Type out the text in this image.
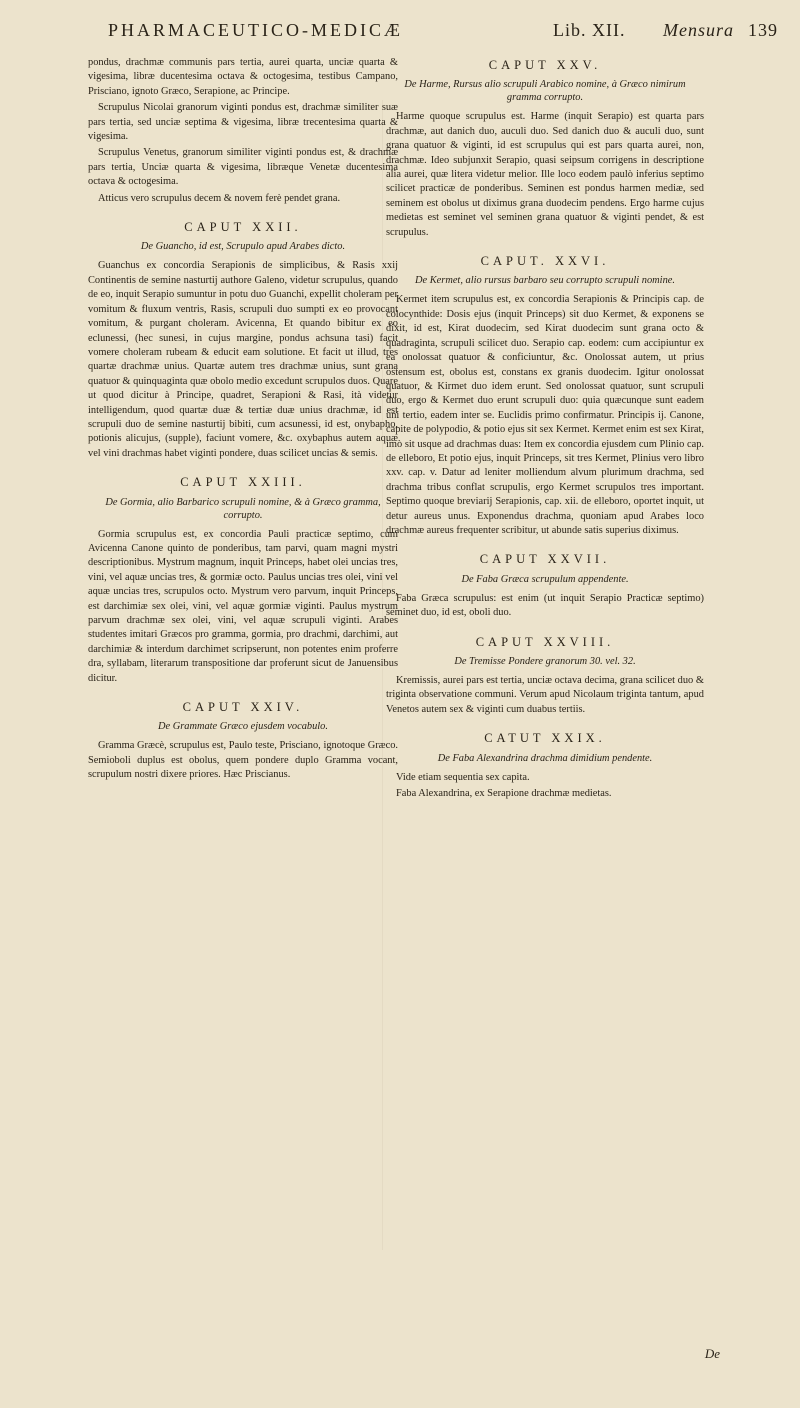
PHARMACEUTICO-MEDICÆ	Lib. XII. Mensura 139

pondus, drachmæ communis pars tertia, aurei quarta, unciæ quarta & vigesima, libræ ducentesima octava & octogesima, testibus Campano, Prisciano, ignoto Græco, Serapione, ac Principe.

Scrupulus Nicolai granorum viginti pondus est, drachmæ similiter suæ pars tertia, sed unciæ septima & vigesima, libræ trecentesima quarta & vigesima.

Scrupulus Venetus, granorum similiter viginti pondus est, & drachmæ pars tertia, Unciæ quarta & vigesima, libræque Venetæ ducentesima octava & octogesima.

Atticus vero scrupulus decem & novem ferè pendet grana.

CAPUT XXII.
De Guancho, id est, Scrupulo apud Arabes dicto.

Guanchus ex concordia Serapionis de simplicibus, & Rasis xxij Continentis de semine nasturtij authore Galeno, videtur scrupulus, quando de eo, inquit Serapio sumuntur in potu duo Guanchi, expellit choleram per vomitum & fluxum ventris, Rasis, scrupuli duo sumpti ex eo provocant vomitum, & purgant choleram. Avicenna, Et quando bibitur ex eo eclunessi, (hec sunesi, in cujus margine, pondus achsuna tasi) facit vomere choleram rubeam & educit eam solutione. Et facit ut illud, tres quartæ drachmæ unius. Quartæ autem tres drachmæ unius, sunt grana quatuor & quinquaginta quæ obolo medio excedunt scrupulos duos. Quare ut quod dicitur à Principe, quadret, Serapioni & Rasi, ità videtur intelligendum, quod quartæ duæ & tertiæ duæ unius drachmæ, id est scrupuli duo de semine nasturtij bibiti, cum acsunessi, id est, onybapho, potionis alicujus, (supple), faciunt vomere, &c. oxybaphus autem aquæ vel vini drachmas habet viginti pondere, duas scilicet uncias & semis.

CAPUT XXIII.
De Gormia, alio Barbarico scrupuli nomine, & à Græco gramma, corrupto.

Gormia scrupulus est, ex concordia Pauli practicæ septimo, cum Avicenna Canone quinto de ponderibus, tam parvi, quam magni mystri descriptionibus. Mystrum magnum, inquit Princeps, habet olei uncias tres, vini, vel aquæ uncias tres, & gormiæ octo. Paulus uncias tres olei, vini vel aquæ uncias tres, scrupulos octo. Mystrum vero parvum, inquit Princeps, est darchimiæ sex olei, vini, vel aquæ gormiæ viginti. Paulus mystrum parvum drachmæ sex olei, vini, vel aquæ scrupuli viginti. Arabes studentes imitari Græcos pro gramma, gormia, pro drachmi, darchimi, aut darchimiæ & interdum darchimet scripserunt, non potentes enim proferre dra, syllabam, literarum transpositione dar proferunt sicut de Januensibus dicitur.

CAPUT XXIV.
De Grammate Græco ejusdem vocabulo.

Gramma Græcè, scrupulus est, Paulo teste, Prisciano, ignotoque Græco. Semioboli duplus est obolus, quem pondere duplo Gramma vocant, scrupulum nostri dixere priores. Hæc Priscianus.

CAPUT XXV.
De Harme, Rursus alio scrupuli Arabico nomine, à Græco nimirum gramma corrupto.

Harme quoque scrupulus est. Harme (inquit Serapio) est quarta pars drachmæ, aut danich duo, auculi duo. Sed danich duo & auculi duo, sunt grana quatuor & viginti, id est scrupulus qui est pars quarta aurei, non, drachmæ. Ideo subjunxit Serapio, quasi seipsum corrigens in descriptione alia aurei, quæ litera videtur melior. Ille loco eodem paulò inferius septimo scilicet practicæ de ponderibus. Seminen est pondus harmen mediæ, sed seminem est obolus ut diximus grana duodecim pendens. Ergo harme cujus medietas est seminet vel seminen grana quatuor & viginti pendet, & est scrupulus.

CAPUT. XXVI.
De Kermet, alio rursus barbaro seu corrupto scrupuli nomine.

Kermet item scrupulus est, ex concordia Serapionis & Principis cap. de colocynthide: Dosis ejus (inquit Princeps) sit duo Kermet, & exponens se dixit, id est, Kirat duodecim, sed Kirat duodecim sunt grana octo & quadraginta, scrupuli scilicet duo. Serapio cap. eodem: cum accipiuntur ex ea onolossat quatuor & conficiuntur, &c. Onolossat autem, ut prius ostensum est, obolus est, constans ex granis duodecim. Igitur onolossat quatuor, & Kirmet duo idem erunt. Sed onolossat quatuor, sunt scrupuli duo, ergo & Kermet duo erunt scrupuli duo: quia quæcunque sunt eadem uni tertio, eadem inter se. Euclidis primo confirmatur. Principis ij. Canone, capite de polypodio, & potio ejus sit sex Kermet. Kermet enim est sex Kirat, imò sit usque ad drachmas duas: Item ex concordia ejusdem cum Plinio cap. de elleboro, Et potio ejus, inquit Princeps, sit tres Kermet, Plinius vero libro xxv. cap. v. Datur ad leniter molliendum alvum plurimum drachma, sed drachma tribus conflat scrupulis, ergo Kermet scrupulos tres important. Septimo quoque breviarij Serapionis, cap. xii. de elleboro, oportet inquit, ut detur aureus unus. Exponendus drachma, quoniam apud Arabes loco drachmæ aureus frequenter scribitur, ut abunde satis superius diximus.

CAPUT XXVII.
De Faba Græca scrupulum appendente.

Faba Græca scrupulus: est enim (ut inquit Serapio Practicæ septimo) seminet duo, id est, oboli duo.

CAPUT XXVIII.
De Tremisse Pondere granorum 30. vel. 32.

Kremissis, aurei pars est tertia, unciæ octava decima, grana scilicet duo & triginta observatione communi. Verum apud Nicolaum triginta tantum, apud Venetos autem sex & viginti cum duabus tertiis.

CATUT XXIX.
De Faba Alexandrina drachma dimidium pendente.

Vide etiam sequentia sex capita.

Faba Alexandrina, ex Serapione drachmæ medietas.

De
